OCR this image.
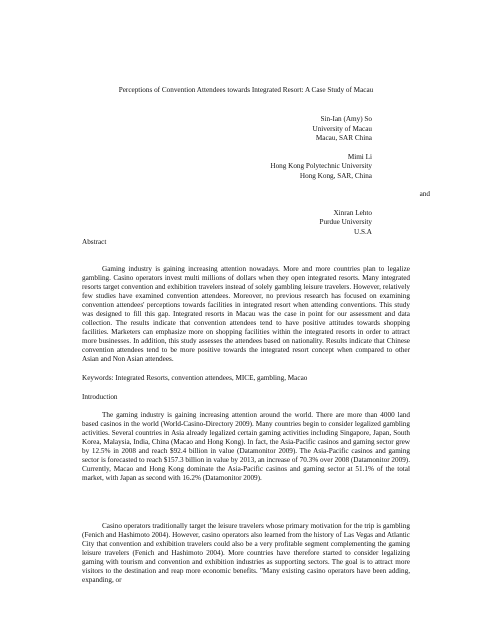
Perceptions of Convention Attendees towards Integrated Resort: A Case Study of Macau

Sin-Ian (Amy) So

University of Macau

Macau, SAR China

Mimi Li

Hong Kong Polytechnic University

Hong Kong, SAR, China

and

Xinran Lehto

Purdue University

U.S.A

Abstract

Gaming industry is gaining increasing attention nowadays. More and more countries plan to legalize gambling. Casino operators invest multi millions of dollars when they open integrated resorts. Many integrated resorts target convention and exhibition travelers instead of solely gambling leisure travelers. However, relatively few studies have examined convention attendees. Moreover, no previous research has focused on examining convention attendees' perceptions towards facilities in integrated resort when attending conventions. This study was designed to fill this gap. Integrated resorts in Macau was the case in point for our assessment and data collection. The results indicate that convention attendees tend to have positive attitudes towards shopping facilities. Marketers can emphasize more on shopping facilities within the integrated resorts in order to attract more businesses. In addition, this study assesses the attendees based on nationality. Results indicate that Chinese convention attendees tend to be more positive towards the integrated resort concept when compared to other Asian and Non Asian attendees.

Keywords: Integrated Resorts, convention attendees, MICE, gambling, Macao

Introduction

The gaming industry is gaining increasing attention around the world. There are more than 4000 land based casinos in the world (World-Casino-Directory 2009). Many countries begin to consider legalized gambling activities. Several countries in Asia already legalized certain gaming activities including Singapore, Japan, South Korea, Malaysia, India, China (Macao and Hong Kong). In fact, the Asia-Pacific casinos and gaming sector grew by 12.5% in 2008 and reach $92.4 billion in value (Datamonitor 2009). The Asia-Pacific casinos and gaming sector is forecasted to reach $157.3 billion in value by 2013, an increase of 70.3% over 2008 (Datamonitor 2009). Currently, Macao and Hong Kong dominate the Asia-Pacific casinos and gaming sector at 51.1% of the total market, with Japan as second with 16.2% (Datamonitor 2009).

Casino operators traditionally target the leisure travelers whose primary motivation for the trip is gambling (Fenich and Hashimoto 2004). However, casino operators also learned from the history of Las Vegas and Atlantic City that convention and exhibition travelers could also be a very profitable segment complementing the gaming leisure travelers (Fenich and Hashimoto 2004). More countries have therefore started to consider legalizing gaming with tourism and convention and exhibition industries as supporting sectors. The goal is to attract more visitors to the destination and reap more economic benefits. "Many existing casino operators have been adding, expanding, or
